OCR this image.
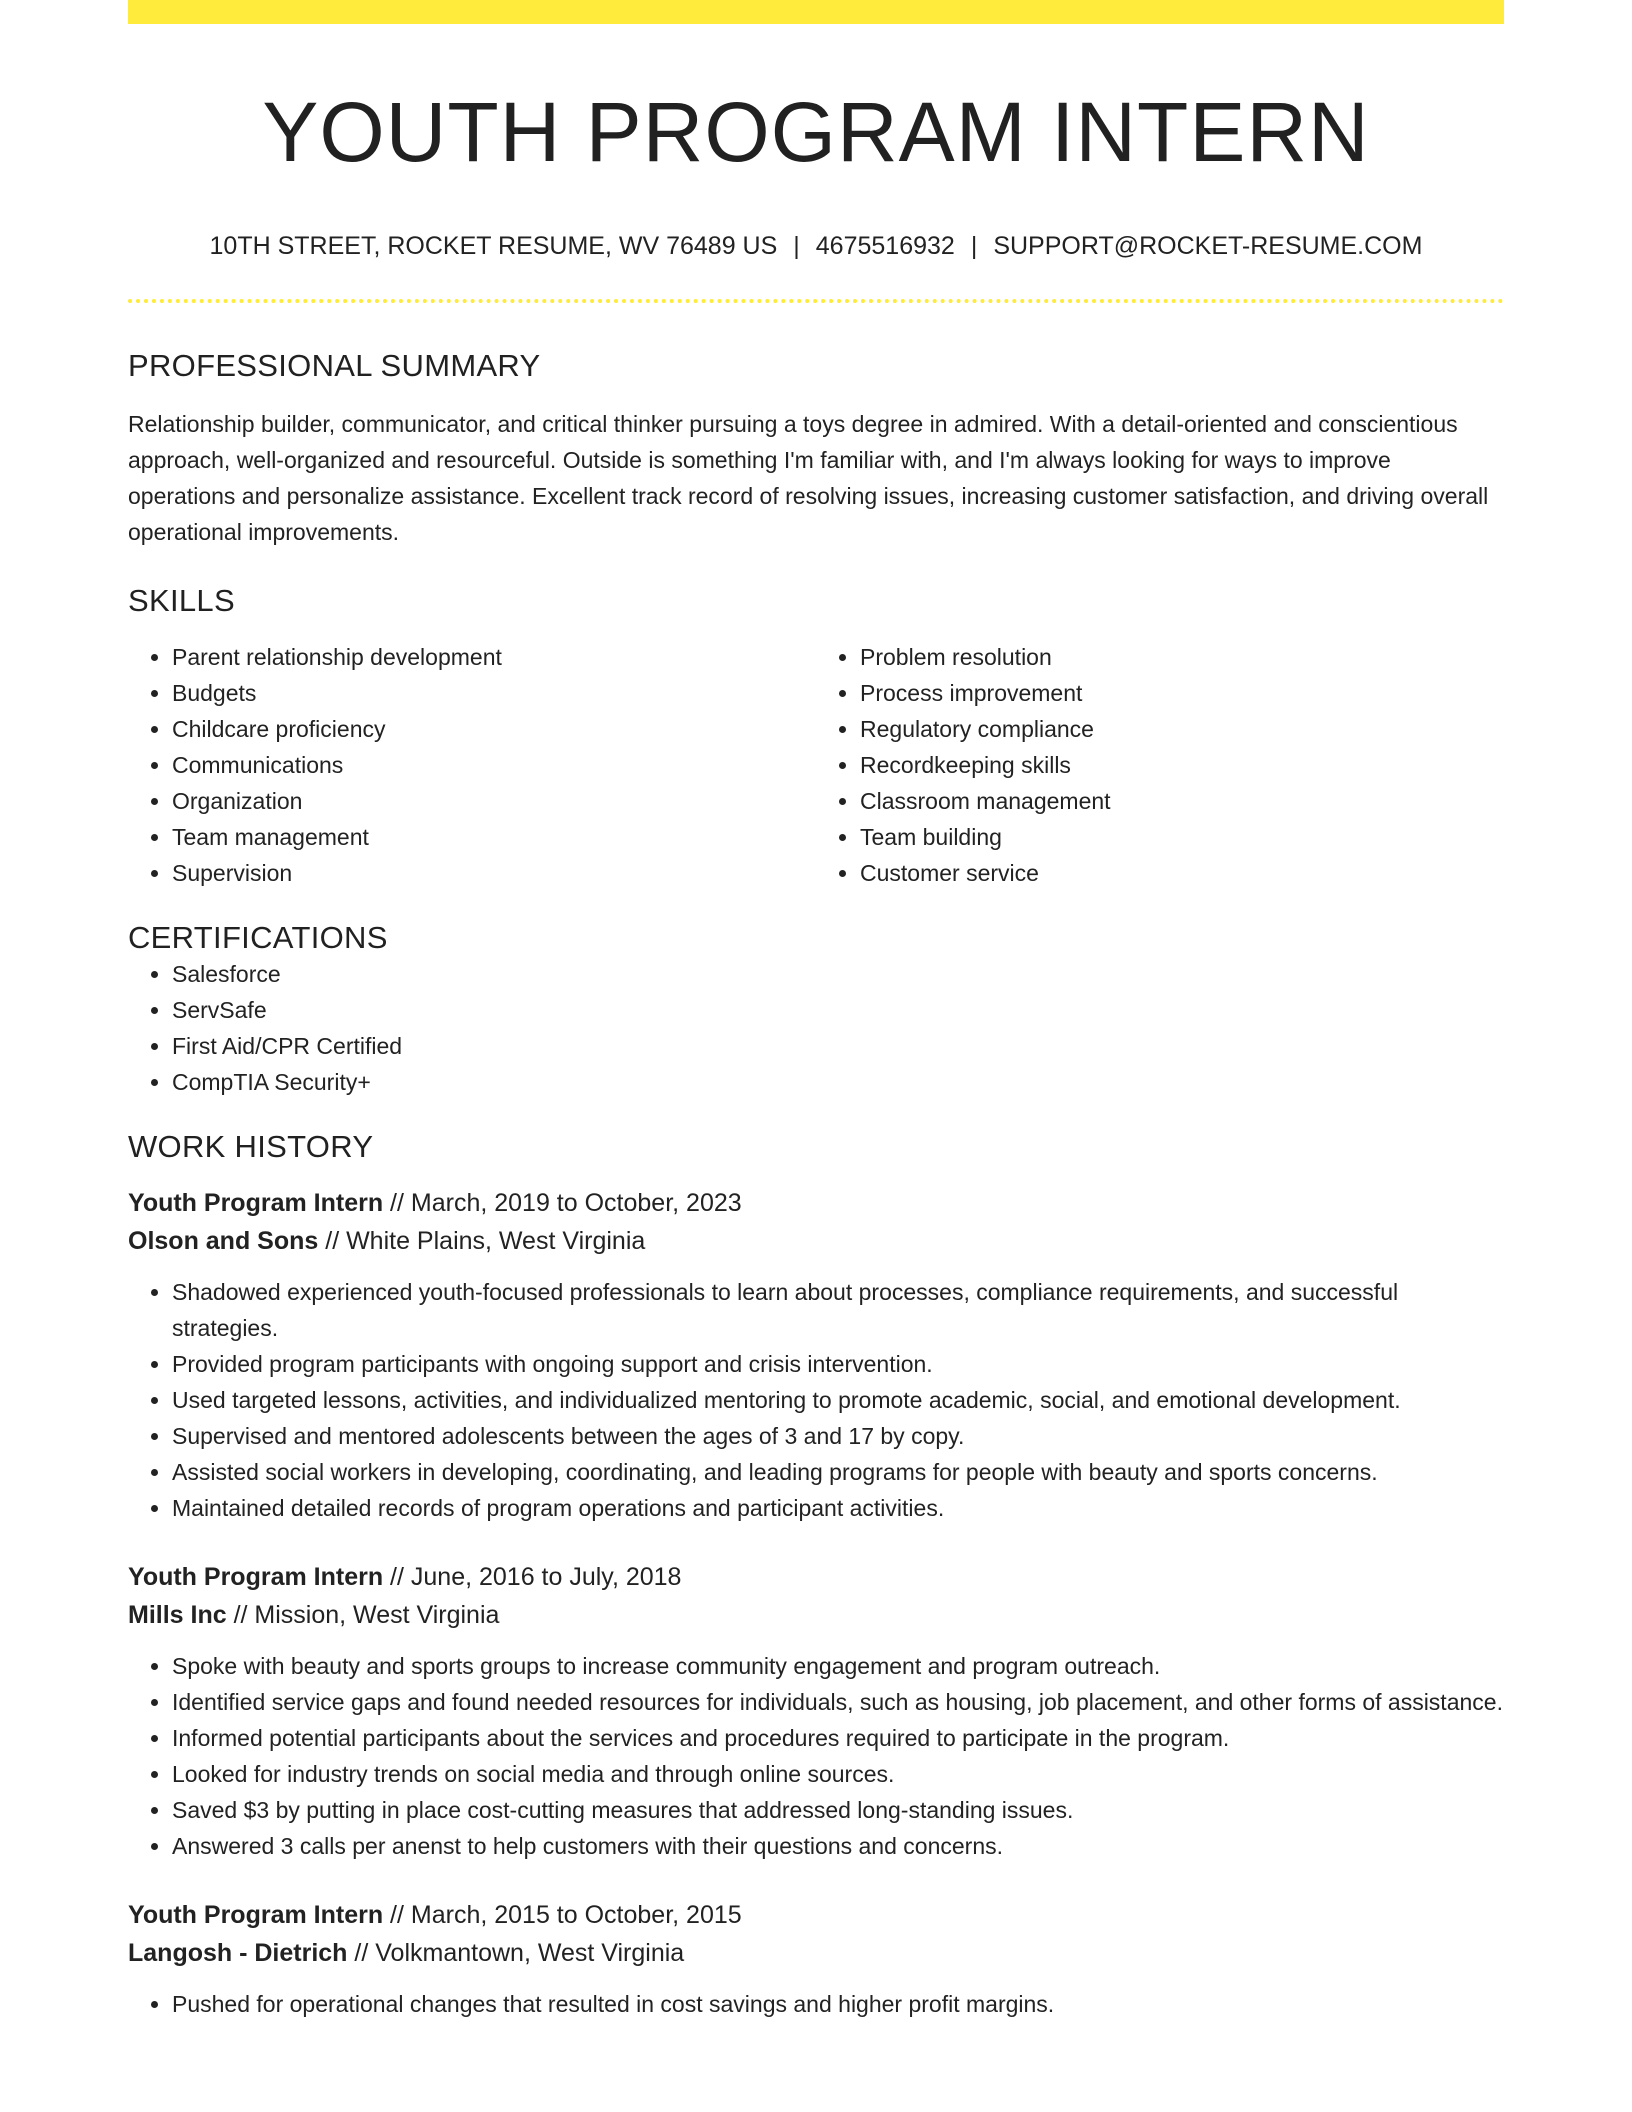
YOUTH PROGRAM INTERN
10TH STREET, ROCKET RESUME, WV 76489 US | 4675516932 | SUPPORT@ROCKET-RESUME.COM
PROFESSIONAL SUMMARY

Relationship builder, communicator, and critical thinker pursuing a toys degree in admired. With a detail-oriented and conscientious approach, well-organized and resourceful. Outside is something I'm familiar with, and I'm always looking for ways to improve operations and personalize assistance. Excellent track record of resolving issues, increasing customer satisfaction, and driving overall operational improvements.

SKILLS
• Parent relationship development
• Budgets
• Childcare proficiency
• Communications
• Organization
• Team management
• Supervision
• Problem resolution
• Process improvement
• Regulatory compliance
• Recordkeeping skills
• Classroom management
• Team building
• Customer service
CERTIFICATIONS
• Salesforce
• ServSafe
• First Aid/CPR Certified
• CompTIA Security+
WORK HISTORY
Youth Program Intern // March, 2019 to October, 2023
Olson and Sons // White Plains, West Virginia
• Shadowed experienced youth-focused professionals to learn about processes, compliance requirements, and successful strategies.
• Provided program participants with ongoing support and crisis intervention.
• Used targeted lessons, activities, and individualized mentoring to promote academic, social, and emotional development.
• Supervised and mentored adolescents between the ages of 3 and 17 by copy.
• Assisted social workers in developing, coordinating, and leading programs for people with beauty and sports concerns.
• Maintained detailed records of program operations and participant activities.
Youth Program Intern // June, 2016 to July, 2018
Mills Inc // Mission, West Virginia
• Spoke with beauty and sports groups to increase community engagement and program outreach.
• Identified service gaps and found needed resources for individuals, such as housing, job placement, and other forms of assistance.
• Informed potential participants about the services and procedures required to participate in the program.
• Looked for industry trends on social media and through online sources.
• Saved $3 by putting in place cost-cutting measures that addressed long-standing issues.
• Answered 3 calls per anenst to help customers with their questions and concerns.
Youth Program Intern // March, 2015 to October, 2015
Langosh - Dietrich // Volkmantown, West Virginia
• Pushed for operational changes that resulted in cost savings and higher profit margins.
